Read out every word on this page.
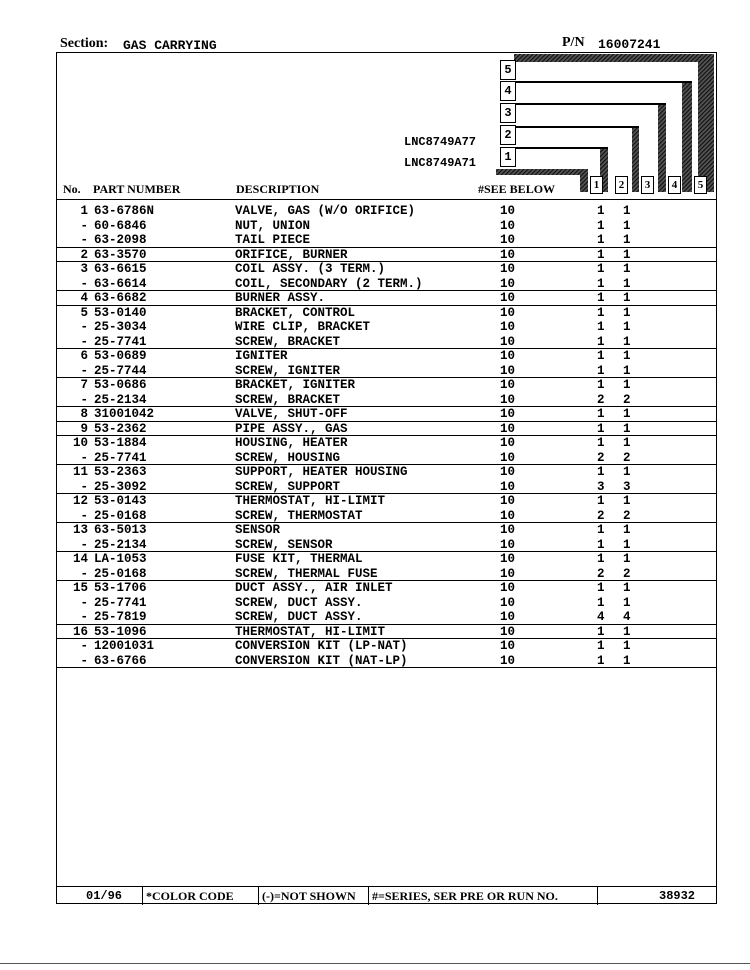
Section: GAS CARRYING	P/N 16007241
5
4
3
2
1
LNC8749A77
LNC8749A71
No. PART NUMBER	DESCRIPTION	#SEE BELOW	1	2	3	4	5
1 63-6786N	VALVE, GAS (W/O ORIFICE)	10	1 1
- 60-6846	NUT, UNION	10	1 1
- 63-2098	TAIL PIECE	10	1 1
2 63-3570	ORIFICE, BURNER	10	1 1
3 63-6615	COIL ASSY. (3 TERM.)	10	1 1
- 63-6614	COIL, SECONDARY (2 TERM.)	10	1 1
4 63-6682	BURNER ASSY.	10	1 1
5 53-0140	BRACKET, CONTROL	10	1 1
- 25-3034	WIRE CLIP, BRACKET	10	1 1
- 25-7741	SCREW, BRACKET	10	1 1
6 53-0689	IGNITER	10	1 1
- 25-7744	SCREW, IGNITER	10	1 1
7 53-0686	BRACKET, IGNITER	10	1 1
- 25-2134	SCREW, BRACKET	10	2 2
8 31001042	VALVE, SHUT-OFF	10	1 1
9 53-2362	PIPE ASSY., GAS	10	1 1
10 53-1884	HOUSING, HEATER	10	1 1
- 25-7741	SCREW, HOUSING	10	2 2
11 53-2363	SUPPORT, HEATER HOUSING	10	1 1
- 25-3092	SCREW, SUPPORT	10	3 3
12 53-0143	THERMOSTAT, HI-LIMIT	10	1 1
- 25-0168	SCREW, THERMOSTAT	10	2 2
13 63-5013	SENSOR	10	1 1
- 25-2134	SCREW, SENSOR	10	1 1
14 LA-1053	FUSE KIT, THERMAL	10	1 1
- 25-0168	SCREW, THERMAL FUSE	10	2 2
15 53-1706	DUCT ASSY., AIR INLET	10	1 1
- 25-7741	SCREW, DUCT ASSY.	10	1 1
- 25-7819	SCREW, DUCT ASSY.	10	4 4
16 53-1096	THERMOSTAT, HI-LIMIT	10	1 1
- 12001031	CONVERSION KIT (LP-NAT)	10	1 1
- 63-6766	CONVERSION KIT (NAT-LP)	10	1 1
01/96	*COLOR CODE	(-)=NOT SHOWN	#=SERIES, SER PRE OR RUN NO.	38932
